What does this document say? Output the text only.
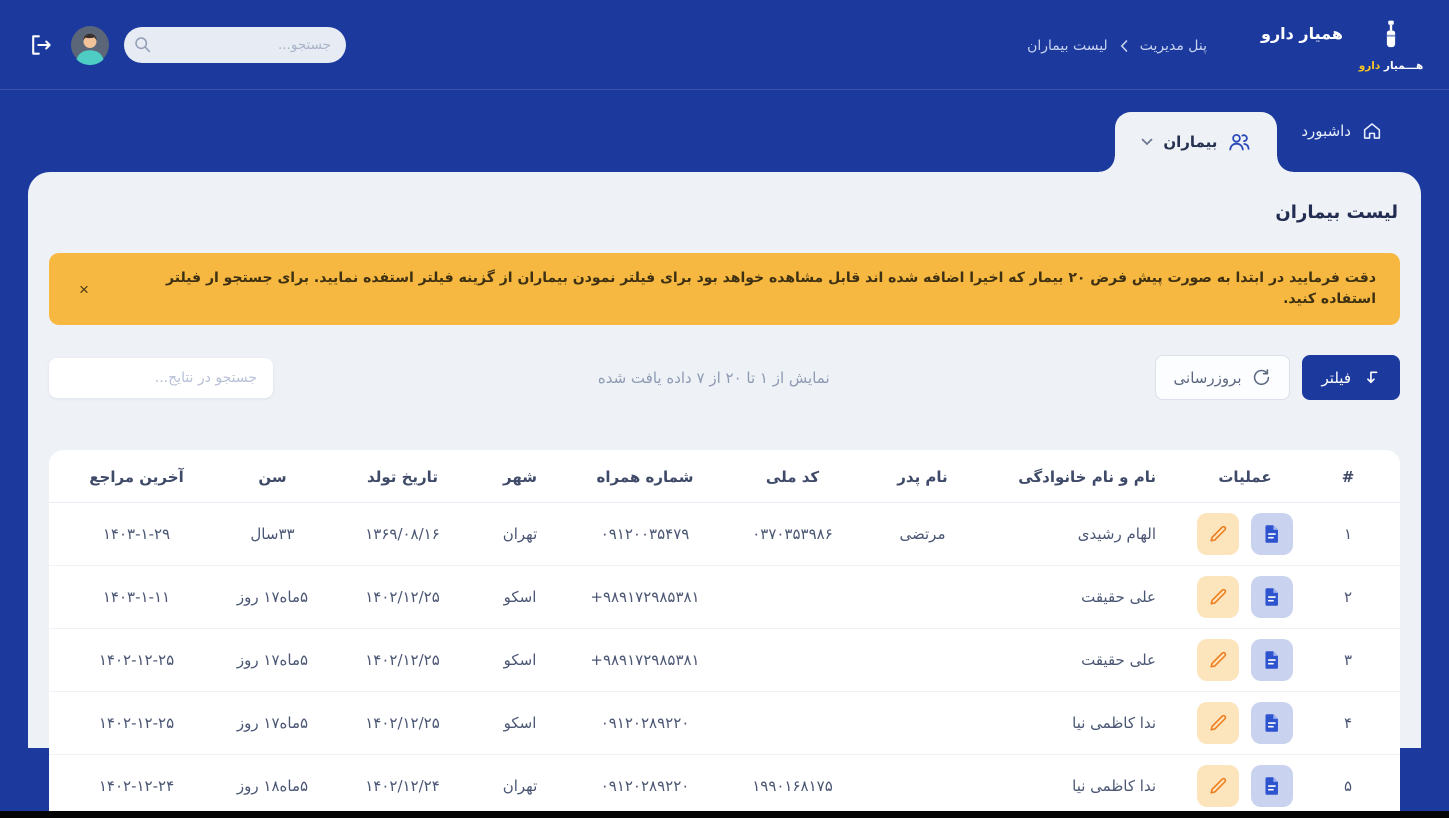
هـــمیار دارو
همیار دارو
پنل مدیریت
لیست بیماران
جستجو...
داشبورد
بیماران
لیست بیماران

دقت فرمایید در ابتدا به صورت پیش فرض ۲۰ بیمار که اخیرا اضافه شده اند قابل مشاهده خواهد بود برای فیلتر نمودن بیماران از گزینه فیلتر استفده نمایید. برای جستجو ار فیلتر استفاده کنید.

×
فیلتر
بروزرسانی
نمایش از ۱ تا ۲۰ از ۷ داده یافت شده
جستجو در نتایج...
#	عملیات	نام و نام خانوادگی	نام پدر	کد ملی	شماره همراه	شهر	تاریخ تولد	سن	آخرین مراجع
۱		الهام رشیدی	مرتضی	۰۳۷۰۳۵۳۹۸۶	۰۹۱۲۰۰۳۵۴۷۹	تهران	۱۳۶۹/۰۸/۱۶	۳۳سال	۱۴۰۳-۱-۲۹
۲		علی حقیقت			۹۸۹۱۷۲۹۸۵۳۸۱+	اسکو	۱۴۰۲/۱۲/۲۵	۵ماه۱۷ روز	۱۴۰۳-۱-۱۱
۳		علی حقیقت			۹۸۹۱۷۲۹۸۵۳۸۱+	اسکو	۱۴۰۲/۱۲/۲۵	۵ماه۱۷ روز	۱۴۰۲-۱۲-۲۵
۴		ندا کاظمی نیا			۰۹۱۲۰۲۸۹۲۲۰	اسکو	۱۴۰۲/۱۲/۲۵	۵ماه۱۷ روز	۱۴۰۲-۱۲-۲۵
۵		ندا کاظمی نیا		۱۹۹۰۱۶۸۱۷۵	۰۹۱۲۰۲۸۹۲۲۰	تهران	۱۴۰۲/۱۲/۲۴	۵ماه۱۸ روز	۱۴۰۲-۱۲-۲۴
